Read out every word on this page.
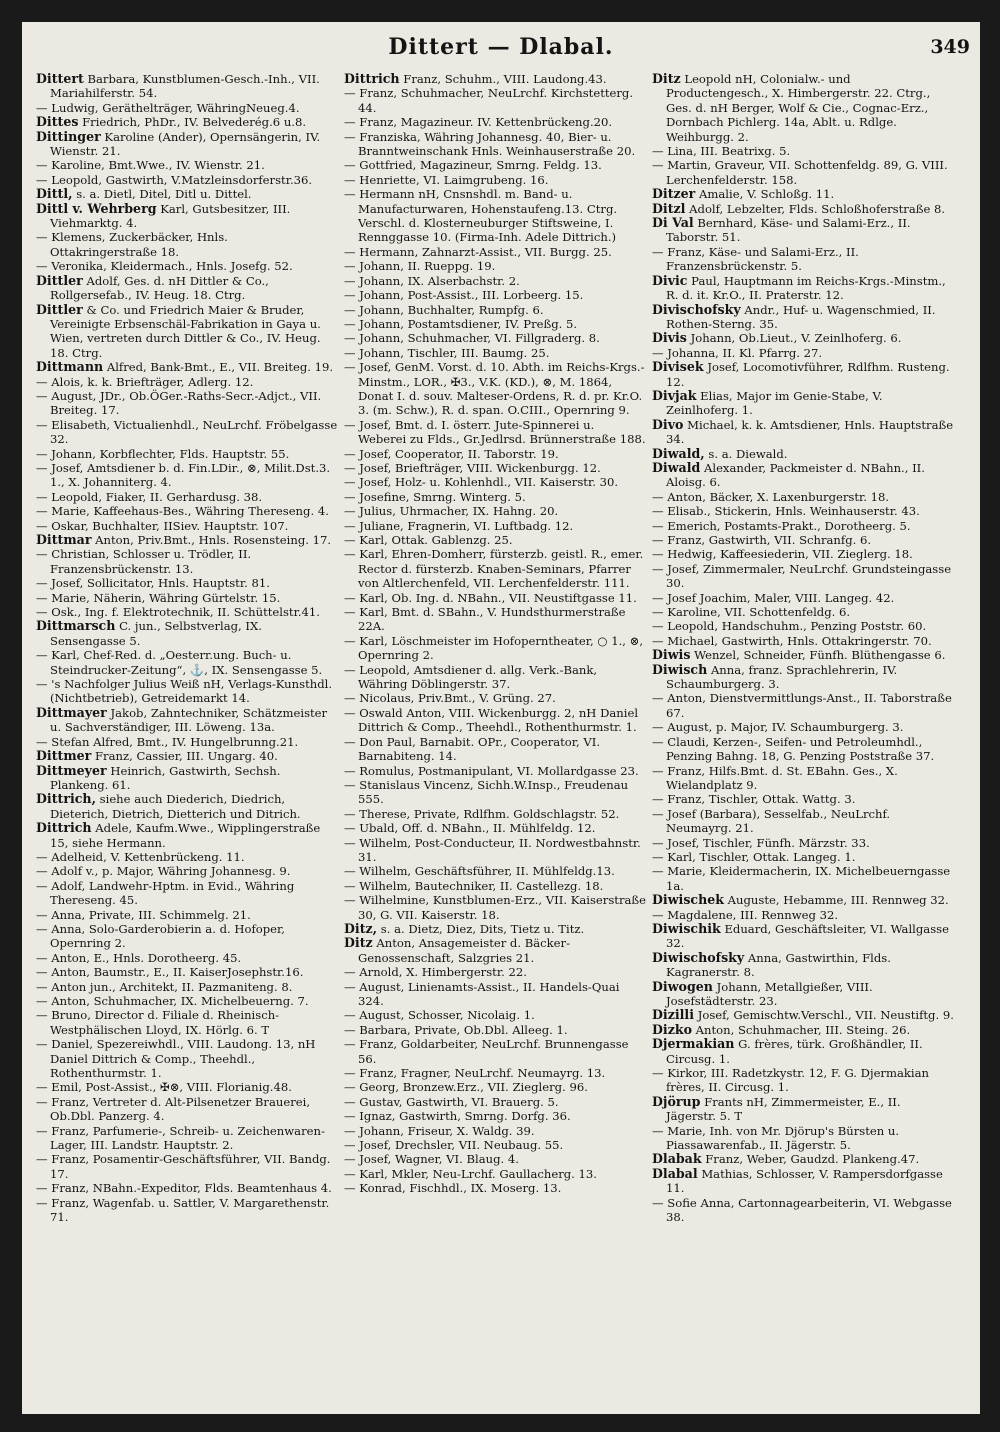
Dittert — Dlabal.	349

Dittert Barbara, Kunstblumen-Gesch.-Inh., VII. Mariahilferstr. 54.

— Ludwig, Geräthelträger, WähringNeueg.4.

Dittes Friedrich, PhDr., IV. Belvederég.6 u.8.

Dittinger Karoline (Ander), Opernsängerin, IV. Wienstr. 21.

— Karoline, Bmt.Wwe., IV. Wienstr. 21.

— Leopold, Gastwirth, V.Matzleinsdorferstr.36.

Dittl, s. a. Dietl, Ditel, Ditl u. Dittel.

Dittl v. Wehrberg Karl, Gutsbesitzer, III. Viehmarktg. 4.

— Klemens, Zuckerbäcker, Hnls. Ottakringerstraße 18.

— Veronika, Kleidermach., Hnls. Josefg. 52.

Dittler Adolf, Ges. d. nH Dittler & Co., Rollgersefab., IV. Heug. 18. Ctrg.

Dittler & Co. und Friedrich Maier & Bruder, Vereinigte Erbsenschäl-Fabrikation in Gaya u. Wien, vertreten durch Dittler & Co., IV. Heug. 18. Ctrg.

Dittmann Alfred, Bank-Bmt., E., VII. Breiteg. 19.

— Alois, k. k. Briefträger, Adlerg. 12.

— August, JDr., Ob.ÖGer.-Raths-Secr.-Adjct., VII. Breiteg. 17.

— Elisabeth, Victualienhdl., NeuLrchf. Fröbelgasse 32.

— Johann, Korbflechter, Flds. Hauptstr. 55.

— Josef, Amtsdiener b. d. Fin.LDir., ⊗, Milit.Dst.3. 1., X. Johanniterg. 4.

— Leopold, Fiaker, II. Gerhardusg. 38.

— Marie, Kaffeehaus-Bes., Währing Thereseng. 4.

— Oskar, Buchhalter, IISiev. Hauptstr. 107.

Dittmar Anton, Priv.Bmt., Hnls. Rosensteing. 17.

— Christian, Schlosser u. Trödler, II. Franzensbrückenstr. 13.

— Josef, Sollicitator, Hnls. Hauptstr. 81.

— Marie, Näherin, Währing Gürtelstr. 15.

— Osk., Ing. f. Elektrotechnik, II. Schüttelstr.41.

Dittmarsch C. jun., Selbstverlag, IX. Sensengasse 5.

— Karl, Chef-Red. d. „Oesterr.ung. Buch- u. Steindrucker-Zeitung“, ⚓, IX. Sensengasse 5.

— 's Nachfolger Julius Weiß nH, Verlags-Kunsthdl. (Nichtbetrieb), Getreidemarkt 14.

Dittmayer Jakob, Zahntechniker, Schätzmeister u. Sachverständiger, III. Löweng. 13a.

— Stefan Alfred, Bmt., IV. Hungelbrunng.21.

Dittmer Franz, Cassier, III. Ungarg. 40.

Dittmeyer Heinrich, Gastwirth, Sechsh. Plankeng. 61.

Dittrich, siehe auch Diederich, Diedrich, Dieterich, Dietrich, Dietterich und Ditrich.

Dittrich Adele, Kaufm.Wwe., Wipplingerstraße 15, siehe Hermann.

— Adelheid, V. Kettenbrückeng. 11.

— Adolf v., p. Major, Währing Johannesg. 9.

— Adolf, Landwehr-Hptm. in Evid., Währing Thereseng. 45.

— Anna, Private, III. Schimmelg. 21.

— Anna, Solo-Garderobierin a. d. Hofoper, Opernring 2.

— Anton, E., Hnls. Dorotheerg. 45.

— Anton, Baumstr., E., II. KaiserJosephstr.16.

— Anton jun., Architekt, II. Pazmaniteng. 8.

— Anton, Schuhmacher, IX. Michelbeuerng. 7.

— Bruno, Director d. Filiale d. Rheinisch-Westphälischen Lloyd, IX. Hörlg. 6. T

— Daniel, Spezereiwhdl., VIII. Laudong. 13, nH Daniel Dittrich & Comp., Theehdl., Rothenthurmstr. 1.

— Emil, Post-Assist., ✠⊗, VIII. Florianig.48.

— Franz, Vertreter d. Alt-Pilsenetzer Brauerei, Ob.Dbl. Panzerg. 4.

— Franz, Parfumerie-, Schreib- u. Zeichenwaren-Lager, III. Landstr. Hauptstr. 2.

— Franz, Posamentir-Geschäftsführer, VII. Bandg. 17.

— Franz, NBahn.-Expeditor, Flds. Beamtenhaus 4.

— Franz, Wagenfab. u. Sattler, V. Margarethenstr. 71.

Dittrich Franz, Schuhm., VIII. Laudong.43.

— Franz, Schuhmacher, NeuLrchf. Kirchstetterg. 44.

— Franz, Magazineur. IV. Kettenbrückeng.20.

— Franziska, Währing Johannesg. 40, Bier- u. Branntweinschank Hnls. Weinhauserstraße 20.

— Gottfried, Magazineur, Smrng. Feldg. 13.

— Henriette, VI. Laimgrubeng. 16.

— Hermann nH, Cnsnshdl. m. Band- u. Manufacturwaren, Hohenstaufeng.13. Ctrg. Verschl. d. Klosterneuburger Stiftsweine, I. Rennggasse 10. (Firma-Inh. Adele Dittrich.)

— Hermann, Zahnarzt-Assist., VII. Burgg. 25.

— Johann, II. Rueppg. 19.

— Johann, IX. Alserbachstr. 2.

— Johann, Post-Assist., III. Lorbeerg. 15.

— Johann, Buchhalter, Rumpfg. 6.

— Johann, Postamtsdiener, IV. Preßg. 5.

— Johann, Schuhmacher, VI. Fillgraderg. 8.

— Johann, Tischler, III. Baumg. 25.

— Josef, GenM. Vorst. d. 10. Abth. im Reichs-Krgs.-Minstm., LOR., ✠3., V.K. (KD.), ⊗, M. 1864, Donat I. d. souv. Malteser-Ordens, R. d. pr. Kr.O. 3. (m. Schw.), R. d. span. O.CIII., Opernring 9.

— Josef, Bmt. d. I. österr. Jute-Spinnerei u. Weberei zu Flds., Gr.Jedlrsd. Brünnerstraße 188.

— Josef, Cooperator, II. Taborstr. 19.

— Josef, Briefträger, VIII. Wickenburgg. 12.

— Josef, Holz- u. Kohlenhdl., VII. Kaiserstr. 30.

— Josefine, Smrng. Winterg. 5.

— Julius, Uhrmacher, IX. Hahng. 20.

— Juliane, Fragnerin, VI. Luftbadg. 12.

— Karl, Ottak. Gablenzg. 25.

— Karl, Ehren-Domherr, fürsterzb. geistl. R., emer. Rector d. fürsterzb. Knaben-Seminars, Pfarrer von Altlerchenfeld, VII. Lerchenfelderstr. 111.

— Karl, Ob. Ing. d. NBahn., VII. Neustiftgasse 11.

— Karl, Bmt. d. SBahn., V. Hundsthurmerstraße 22A.

— Karl, Löschmeister im Hofoperntheater, ○ 1., ⊗, Opernring 2.

— Leopold, Amtsdiener d. allg. Verk.-Bank, Währing Döblingerstr. 37.

— Nicolaus, Priv.Bmt., V. Grüng. 27.

— Oswald Anton, VIII. Wickenburgg. 2, nH Daniel Dittrich & Comp., Theehdl., Rothenthurmstr. 1.

— Don Paul, Barnabit. OPr., Cooperator, VI. Barnabiteng. 14.

— Romulus, Postmanipulant, VI. Mollardgasse 23.

— Stanislaus Vincenz, Sichh.W.Insp., Freudenau 555.

— Therese, Private, Rdlfhm. Goldschlagstr. 52.

— Ubald, Off. d. NBahn., II. Mühlfeldg. 12.

— Wilhelm, Post-Conducteur, II. Nordwestbahnstr. 31.

— Wilhelm, Geschäftsführer, II. Mühlfeldg.13.

— Wilhelm, Bautechniker, II. Castellezg. 18.

— Wilhelmine, Kunstblumen-Erz., VII. Kaiserstraße 30, G. VII. Kaiserstr. 18.

Ditz, s. a. Dietz, Diez, Dits, Tietz u. Titz.

Ditz Anton, Ansagemeister d. Bäcker-Genossenschaft, Salzgries 21.

— Arnold, X. Himbergerstr. 22.

— August, Linienamts-Assist., II. Handels-Quai 324.

— August, Schosser, Nicolaig. 1.

— Barbara, Private, Ob.Dbl. Alleeg. 1.

— Franz, Goldarbeiter, NeuLrchf. Brunnengasse 56.

— Franz, Fragner, NeuLrchf. Neumayrg. 13.

— Georg, Bronzew.Erz., VII. Zieglerg. 96.

— Gustav, Gastwirth, VI. Brauerg. 5.

— Ignaz, Gastwirth, Smrng. Dorfg. 36.

— Johann, Friseur, X. Waldg. 39.

— Josef, Drechsler, VII. Neubaug. 55.

— Josef, Wagner, VI. Blaug. 4.

— Karl, Mkler, Neu-Lrchf. Gaullacherg. 13.

— Konrad, Fischhdl., IX. Moserg. 13.

Ditz Leopold nH, Colonialw.- und Productengesch., X. Himbergerstr. 22. Ctrg., Ges. d. nH Berger, Wolf & Cie., Cognac-Erz., Dornbach Pichlerg. 14a, Ablt. u. Rdlge. Weihburgg. 2.

— Lina, III. Beatrixg. 5.

— Martin, Graveur, VII. Schottenfeldg. 89, G. VIII. Lerchenfelderstr. 158.

Ditzer Amalie, V. Schloßg. 11.

Ditzl Adolf, Lebzelter, Flds. Schloßhoferstraße 8.

Di Val Bernhard, Käse- und Salami-Erz., II. Taborstr. 51.

— Franz, Käse- und Salami-Erz., II. Franzensbrückenstr. 5.

Divic Paul, Hauptmann im Reichs-Krgs.-Minstm., R. d. it. Kr.O., II. Praterstr. 12.

Divischofsky Andr., Huf- u. Wagenschmied, II. Rothen-Sterng. 35.

Divis Johann, Ob.Lieut., V. Zeinlhoferg. 6.

— Johanna, II. Kl. Pfarrg. 27.

Divisek Josef, Locomotivführer, Rdlfhm. Rusteng. 12.

Divjak Elias, Major im Genie-Stabe, V. Zeinlhoferg. 1.

Divo Michael, k. k. Amtsdiener, Hnls. Hauptstraße 34.

Diwald, s. a. Diewald.

Diwald Alexander, Packmeister d. NBahn., II. Aloisg. 6.

— Anton, Bäcker, X. Laxenburgerstr. 18.

— Elisab., Stickerin, Hnls. Weinhauserstr. 43.

— Emerich, Postamts-Prakt., Dorotheerg. 5.

— Franz, Gastwirth, VII. Schranfg. 6.

— Hedwig, Kaffeesiederin, VII. Zieglerg. 18.

— Josef, Zimmermaler, NeuLrchf. Grundsteingasse 30.

— Josef Joachim, Maler, VIII. Langeg. 42.

— Karoline, VII. Schottenfeldg. 6.

— Leopold, Handschuhm., Penzing Poststr. 60.

— Michael, Gastwirth, Hnls. Ottakringerstr. 70.

Diwis Wenzel, Schneider, Fünfh. Blüthengasse 6.

Diwisch Anna, franz. Sprachlehrerin, IV. Schaumburgerg. 3.

— Anton, Dienstvermittlungs-Anst., II. Taborstraße 67.

— August, p. Major, IV. Schaumburgerg. 3.

— Claudi, Kerzen-, Seifen- und Petroleumhdl., Penzing Bahng. 18, G. Penzing Poststraße 37.

— Franz, Hilfs.Bmt. d. St. EBahn. Ges., X. Wielandplatz 9.

— Franz, Tischler, Ottak. Wattg. 3.

— Josef (Barbara), Sesselfab., NeuLrchf. Neumayrg. 21.

— Josef, Tischler, Fünfh. Märzstr. 33.

— Karl, Tischler, Ottak. Langeg. 1.

— Marie, Kleidermacherin, IX. Michelbeuerngasse 1a.

Diwischek Auguste, Hebamme, III. Rennweg 32.

— Magdalene, III. Rennweg 32.

Diwischik Eduard, Geschäftsleiter, VI. Wallgasse 32.

Diwischofsky Anna, Gastwirthin, Flds. Kagranerstr. 8.

Diwogen Johann, Metallgießer, VIII. Josefstädterstr. 23.

Dizilli Josef, Gemischtw.Verschl., VII. Neustiftg. 9.

Dizko Anton, Schuhmacher, III. Steing. 26.

Djermakian G. frères, türk. Großhändler, II. Circusg. 1.

— Kirkor, III. Radetzkystr. 12, F. G. Djermakian frères, II. Circusg. 1.

Djörup Frants nH, Zimmermeister, E., II. Jägerstr. 5. T

— Marie, Inh. von Mr. Djörup's Bürsten u. Piassawarenfab., II. Jägerstr. 5.

Dlabak Franz, Weber, Gaudzd. Plankeng.47.

Dlabal Mathias, Schlosser, V. Rampersdorfgasse 11.

— Sofie Anna, Cartonnagearbeiterin, VI. Webgasse 38.
